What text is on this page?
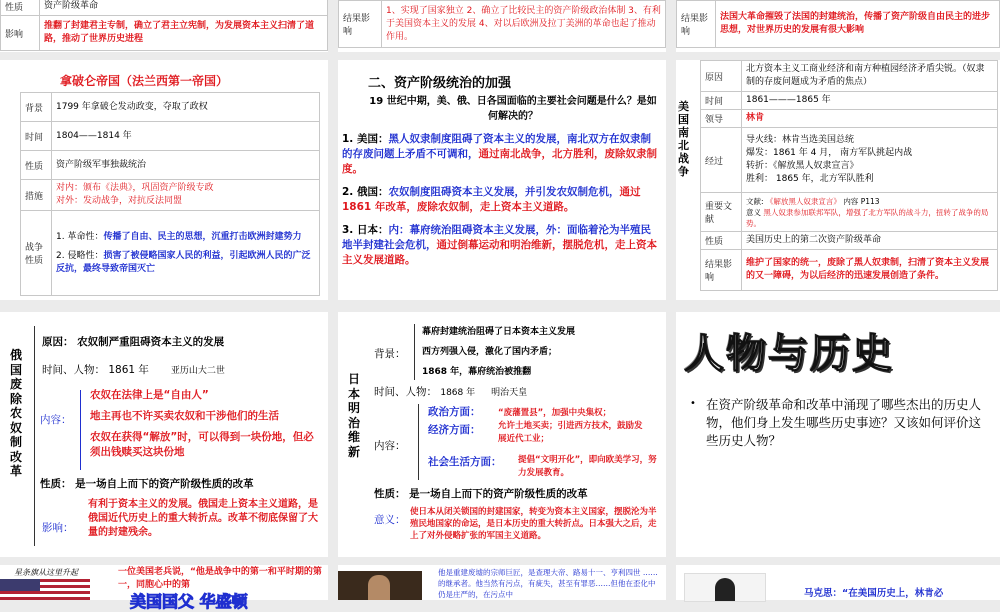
性质	资产阶级革命
影响	推翻了封建君主专制，确立了君主立宪制，为发展资本主义扫清了道路，推动了世界历史进程
结果影响	1、实现了国家独立 2、确立了比较民主的资产阶级政治体制 3、有利于美国资本主义的发展 4、对以后欧洲及拉丁美洲的革命也起了推动作用。
结果影响	法国大革命摧毁了法国的封建统治，传播了资产阶级自由民主的进步思想，对世界历史的发展有很大影响
拿破仑帝国（法兰西第一帝国）
背景	1799 年拿破仑发动政变，夺取了政权
时间	1804——1814 年
性质	资产阶级军事独裁统治
措施	对内：颁布《法典》，巩固资产阶级专政
对外：发动战争，对抗反法同盟

战争性质	1. 革命性：传播了自由、民主的思想，沉重打击欧洲封建势力
2. 侵略性：损害了被侵略国家人民的利益，引起欧洲人民的广泛反抗，最终导致帝国灭亡
二、资产阶级统治的加强
19 世纪中期，美、俄、日各国面临的主要社会问题是什么？是如何解决的？
1. 美国：黑人奴隶制度阻碍了资本主义的发展，南北双方在奴隶制的存废问题上矛盾不可调和，通过南北战争，北方胜利，废除奴隶制度。
2. 俄国：农奴制度阻碍资本主义发展，并引发农奴制危机，通过 1861 年改革，废除农奴制，走上资本主义道路。
3. 日本：内：幕府统治阻碍资本主义发展，外：面临着沦为半殖民地半封建社会危机，通过倒幕运动和明治维新，摆脱危机，走上资本主义发展道路。
美国南北战争
原因	北方资本主义工商业经济和南方种植园经济矛盾尖锐。（奴隶制的存废问题成为矛盾的焦点）
时间	1861———1865 年
领导	林肯
经过	导火线：林肯当选美国总统
爆发：1861 年 4 月， 南方军队挑起内战
转折：《解放黑人奴隶宣言》
胜利： 1865 年，北方军队胜利

重要文献	文献: 《解放黑人奴隶宣言》 内容 P113
意义 黑人奴隶参加联邦军队，增强了北方军队的战斗力，扭转了战争的局势。

性质	美国历史上的第二次资产阶级革命
结果影响	维护了国家的统一，废除了黑人奴隶制，扫清了资本主义发展的又一障碍，为以后经济的迅速发展创造了条件。
俄国废除农奴制改革
原因： 农奴制严重阻碍资本主义的发展
时间、人物： 1861 年 亚历山大二世
内容：
农奴在法律上是“自由人”
地主再也不许买卖农奴和干涉他们的生活
农奴在获得“解放”时，可以得到一块份地，但必须出钱赎买这块份地
性质： 是一场自上而下的资产阶级性质的改革
影响：
有利于资本主义的发展。俄国走上资本主义道路，是俄国近代历史上的重大转折点。改革不彻底保留了大量的封建残余。
日本明治维新
背景：
幕府封建统治阻碍了日本资本主义发展
西方列强入侵，激化了国内矛盾；
1868 年，幕府统治被推翻
时间、人物： 1868 年 明治天皇
内容：
政治方面： “废藩置县”，加强中央集权；
经济方面： 允许土地买卖；引进西方技术，鼓励发展近代工业；
社会生活方面： 提倡“文明开化”，即向欧美学习，努力发展教育。
性质： 是一场自上而下的资产阶级性质的改革
意义：
使日本从闭关锁国的封建国家，转变为资本主义国家，摆脱沦为半殖民地国家的命运，是日本历史的重大转折点。日本强大之后，走上了对外侵略扩张的军国主义道路。
人物与历史
• 在资产阶级革命和改革中涌现了哪些杰出的历史人物，他们身上发生哪些历史事迹？又该如何评价这些历史人物？
星条旗从这里升起	一位美国老兵说，“他是战争中的第一和平时期的第一，同胞心中的第
美国国父 华盛顿
他是重建废墟的宗师巨匠，是查理大帝、路易十一、亨利四世 ……的继承者。他当然有污点，有疵失，甚至有罪恶……但他在歪化中仍是庄严的，在污点中	马克思：“在美国历史上，林肯必
